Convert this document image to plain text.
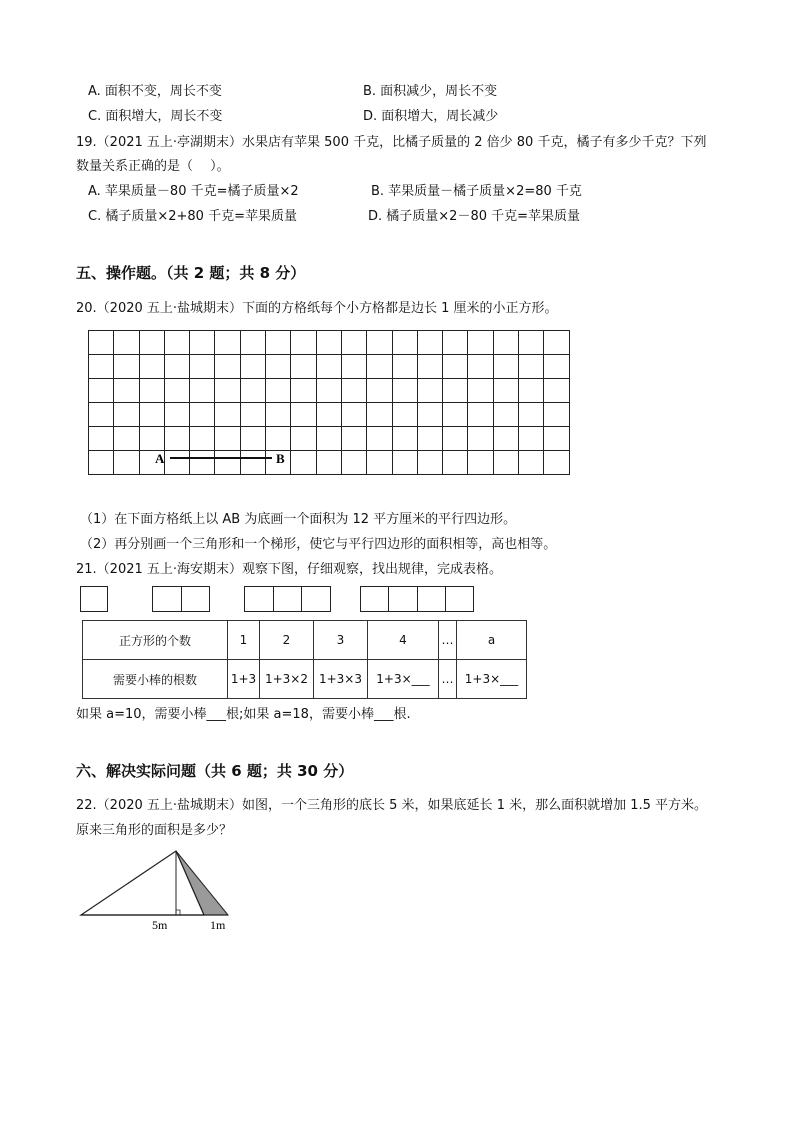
A. 面积不变，周长不变	B. 面积减少，周长不变
C. 面积增大，周长不变	D. 面积增大，周长减少
19.（2021 五上·亭湖期末）水果店有苹果 500 千克，比橘子质量的 2 倍少 80 千克，橘子有多少千克？下列
数量关系正确的是（　 ）。
A. 苹果质量－80 千克=橘子质量×2	B. 苹果质量－橘子质量×2=80 千克
C. 橘子质量×2+80 千克=苹果质量	D. 橘子质量×2－80 千克=苹果质量
五、操作题。（共 2 题；共 8 分）
20.（2020 五上·盐城期末）下面的方格纸每个小方格都是边长 1 厘米的小正方形。

A	B
（1）在下面方格纸上以 AB 为底画一个面积为 12 平方厘米的平行四边形。
（2）再分别画一个三角形和一个梯形，使它与平行四边形的面积相等，高也相等。
21.（2021 五上·海安期末）观察下图，仔细观察，找出规律，完成表格。
正方形的个数	1	2	3	4	…	a
需要小棒的根数	1+3	1+3×2	1+3×3	1+3×___	…	1+3×___
如果 a=10，需要小棒___根;如果 a=18，需要小棒___根.
六、解决实际问题（共 6 题；共 30 分）
22.（2020 五上·盐城期末）如图，一个三角形的底长 5 米，如果底延长 1 米，那么面积就增加 1.5 平方米。
原来三角形的面积是多少？
5m	1m
